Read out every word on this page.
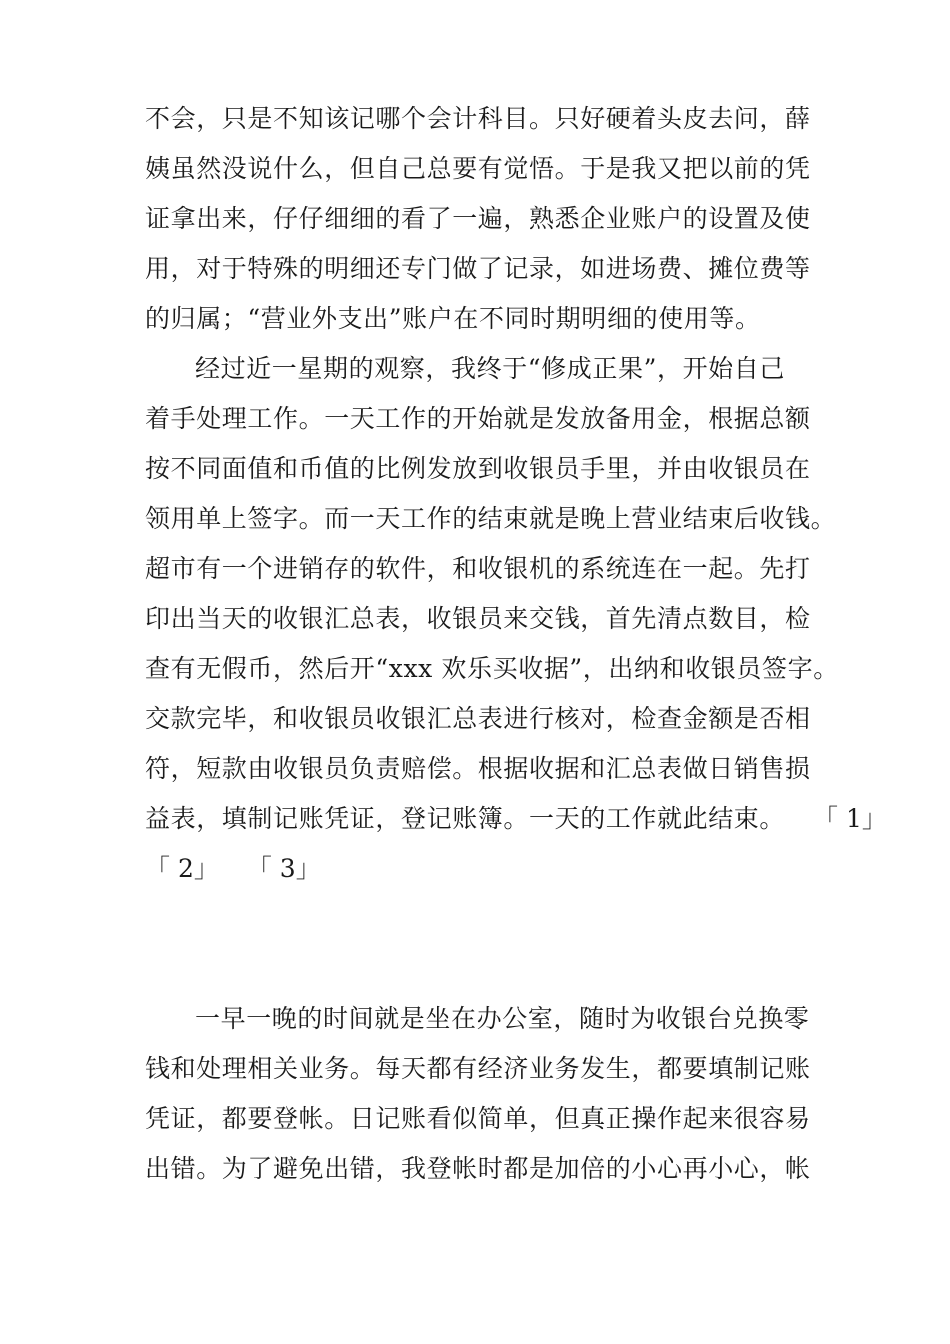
不会，只是不知该记哪个会计科目。只好硬着头皮去问，薛
姨虽然没说什么，但自己总要有觉悟。于是我又把以前的凭
证拿出来，仔仔细细的看了一遍，熟悉企业账户的设置及使
用，对于特殊的明细还专门做了记录，如进场费、摊位费等
的归属；“营业外支出”账户在不同时期明细的使用等。
经过近一星期的观察，我终于“修成正果”，开始自己
着手处理工作。一天工作的开始就是发放备用金，根据总额
按不同面值和币值的比例发放到收银员手里，并由收银员在
领用单上签字。而一天工作的结束就是晚上营业结束后收钱。
超市有一个进销存的软件，和收银机的系统连在一起。先打
印出当天的收银汇总表，收银员来交钱，首先清点数目，检
查有无假币，然后开“xxx 欢乐买收据”，出纳和收银员签字。
交款完毕，和收银员收银汇总表进行核对，检查金额是否相
符，短款由收银员负责赔偿。根据收据和汇总表做日销售损
益表，填制记账凭证，登记账簿。一天的工作就此结束。 「 1」
「 2」 「 3」
一早一晚的时间就是坐在办公室，随时为收银台兑换零
钱和处理相关业务。每天都有经济业务发生，都要填制记账
凭证，都要登帐。日记账看似简单，但真正操作起来很容易
出错。为了避免出错，我登帐时都是加倍的小心再小心，帐
